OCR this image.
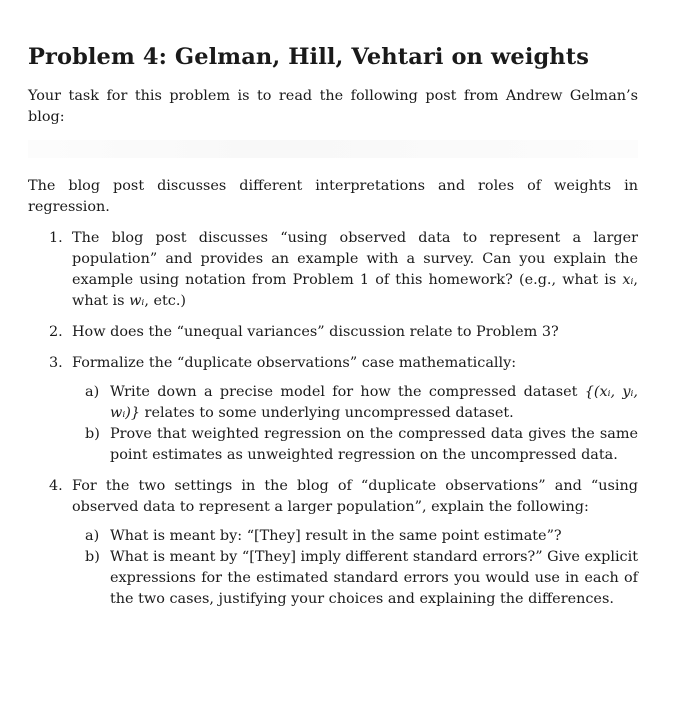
Problem 4: Gelman, Hill, Vehtari on weights

Your task for this problem is to read the following post from Andrew Gelman’s blog:

The blog post discusses different interpretations and roles of weights in regression.

1. The blog post discusses “using observed data to represent a larger population” and provides an example with a survey. Can you explain the example using notation from Problem 1 of this homework? (e.g., what is xᵢ, what is wᵢ, etc.)
2. How does the “unequal variances” discussion relate to Problem 3?
3. Formalize the “duplicate observations” case mathematically:
a) Write down a precise model for how the compressed dataset {(xᵢ, yᵢ, wᵢ)} relates to some underlying uncompressed dataset.
b) Prove that weighted regression on the compressed data gives the same point estimates as unweighted regression on the uncompressed data.
4. For the two settings in the blog of “duplicate observations” and “using observed data to represent a larger population”, explain the following:
a) What is meant by: “[They] result in the same point estimate”?
b) What is meant by “[They] imply different standard errors?” Give explicit expressions for the estimated standard errors you would use in each of the two cases, justifying your choices and explaining the differences.
